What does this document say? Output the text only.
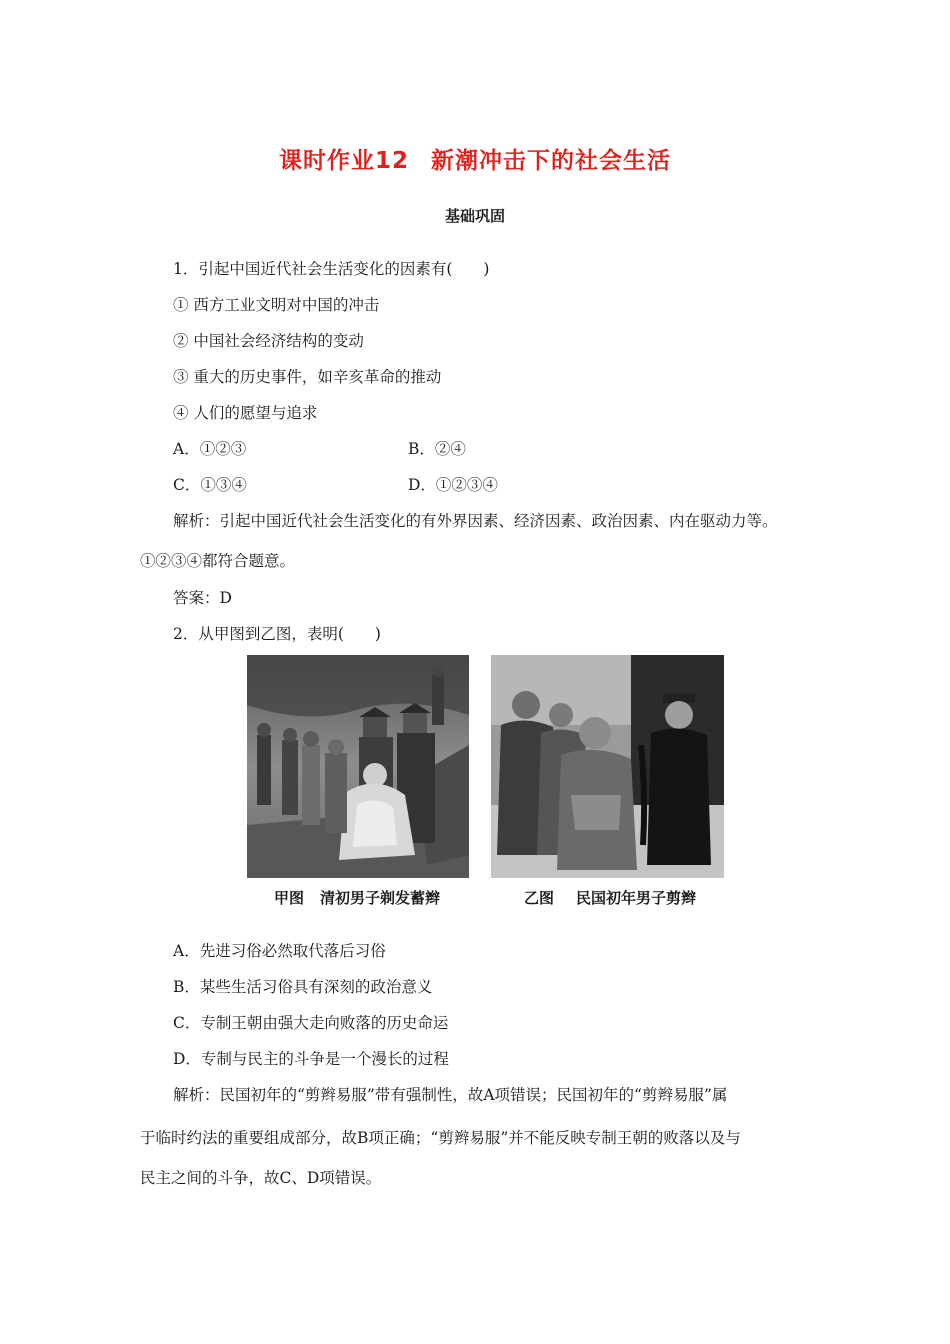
课时作业12 新潮冲击下的社会生活
基础巩固
1．引起中国近代社会生活变化的因素有(　　)
① 西方工业文明对中国的冲击
② 中国社会经济结构的变动
③ 重大的历史事件，如辛亥革命的推动
④ 人们的愿望与追求
A．①②③	B．②④
C．①③④	D．①②③④
解析：引起中国近代社会生活变化的有外界因素、经济因素、政治因素、内在驱动力等。
①②③④都符合题意。
答案：D
2．从甲图到乙图，表明(　　)
甲图 清初男子剃发蓄辫	乙图 民国初年男子剪辫
A．先进习俗必然取代落后习俗
B．某些生活习俗具有深刻的政治意义
C．专制王朝由强大走向败落的历史命运
D．专制与民主的斗争是一个漫长的过程
解析：民国初年的“剪辫易服”带有强制性，故A项错误；民国初年的“剪辫易服”属
于临时约法的重要组成部分，故B项正确；“剪辫易服”并不能反映专制王朝的败落以及与
民主之间的斗争，故C、D项错误。
